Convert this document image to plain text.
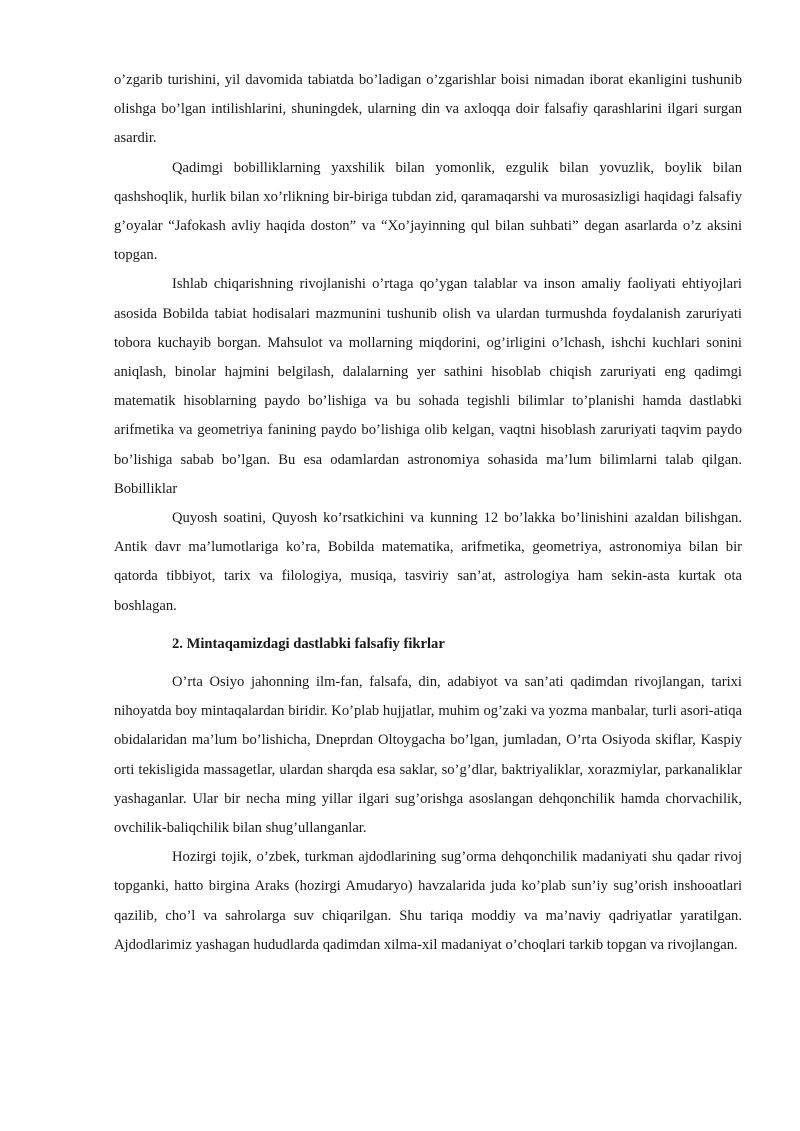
o’zgarib turishini, yil davomida tabiatda bo’ladigan o’zgarishlar boisi nimadan iborat ekanligini tushunib olishga bo’lgan intilishlarini, shuningdek, ularning din va axloqqa doir falsafiy qarashlarini ilgari surgan asardir.

Qadimgi bobilliklarning yaxshilik bilan yomonlik, ezgulik bilan yovuzlik, boylik bilan qashshoqlik, hurlik bilan xo’rlikning bir-biriga tubdan zid, qaramaqarshi va murosasizligi haqidagi falsafiy g’oyalar “Jafokash avliy haqida doston” va “Xo’jayinning qul bilan suhbati” degan asarlarda o’z aksini topgan.

Ishlab chiqarishning rivojlanishi o’rtaga qo’ygan talablar va inson amaliy faoliyati ehtiyojlari asosida Bobilda tabiat hodisalari mazmunini tushunib olish va ulardan turmushda foydalanish zaruriyati tobora kuchayib borgan. Mahsulot va mollarning miqdorini, og’irligini o’lchash, ishchi kuchlari sonini aniqlash, binolar hajmini belgilash, dalalarning yer sathini hisoblab chiqish zaruriyati eng qadimgi matematik hisoblarning paydo bo’lishiga va bu sohada tegishli bilimlar to’planishi hamda dastlabki arifmetika va geometriya fanining paydo bo’lishiga olib kelgan, vaqtni hisoblash zaruriyati taqvim paydo bo’lishiga sabab bo’lgan. Bu esa odamlardan astronomiya sohasida ma’lum bilimlarni talab qilgan. Bobilliklar

Quyosh soatini, Quyosh ko’rsatkichini va kunning 12 bo’lakka bo’linishini azaldan bilishgan. Antik davr ma’lumotlariga ko’ra, Bobilda matematika, arifmetika, geometriya, astronomiya bilan bir qatorda tibbiyot, tarix va filologiya, musiqa, tasviriy san’at, astrologiya ham sekin-asta kurtak ota boshlagan.

2. Mintaqamizdagi dastlabki falsafiy fikrlar

O’rta Osiyo jahonning ilm-fan, falsafa, din, adabiyot va san’ati qadimdan rivojlangan, tarixi nihoyatda boy mintaqalardan biridir. Ko’plab hujjatlar, muhim og’zaki va yozma manbalar, turli asori-atiqa obidalaridan ma’lum bo’lishicha, Dneprdan Oltoygacha bo’lgan, jumladan, O’rta Osiyoda skiflar, Kaspiy orti tekisligida massagetlar, ulardan sharqda esa saklar, so’g’dlar, baktriyaliklar, xorazmiylar, parkanaliklar yashaganlar. Ular bir necha ming yillar ilgari sug’orishga asoslangan dehqonchilik hamda chorvachilik, ovchilik-baliqchilik bilan shug’ullanganlar.

Hozirgi tojik, o’zbek, turkman ajdodlarining sug’orma dehqonchilik madaniyati shu qadar rivoj topganki, hatto birgina Araks (hozirgi Amudaryo) havzalarida juda ko’plab sun’iy sug’orish inshooatlari qazilib, cho’l va sahrolarga suv chiqarilgan. Shu tariqa moddiy va ma’naviy qadriyatlar yaratilgan. Ajdodlarimiz yashagan hududlarda qadimdan xilma-xil madaniyat o’choqlari tarkib topgan va rivojlangan.
